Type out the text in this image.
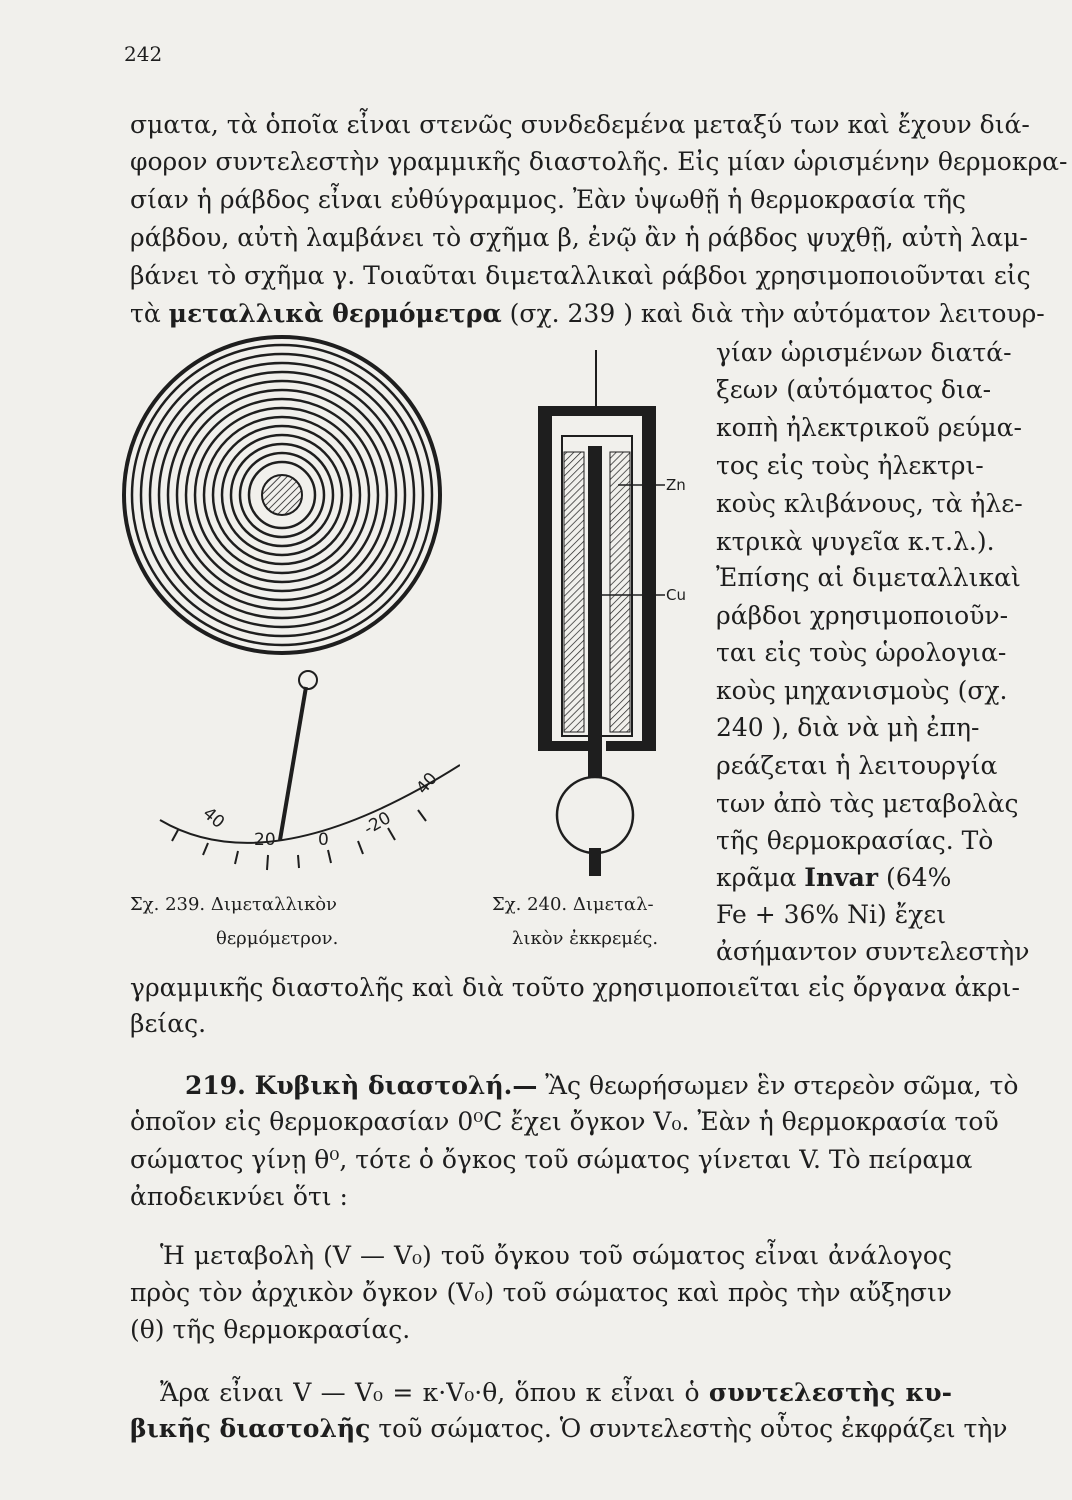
242
σματα, τὰ ὁποῖα εἶναι στενῶς συνδεδεμένα μεταξύ των καὶ ἔχουν διά-
φορον συντελεστὴν γραμμικῆς διαστολῆς. Εἰς μίαν ὡρισμένην θερμοκρα-
σίαν ἡ ράβδος εἶναι εὐθύγραμμος. Ἐὰν ὑψωθῇ ἡ θερμοκρασία τῆς
ράβδου, αὐτὴ λαμβάνει τὸ σχῆμα β, ἐνῷ ἂν ἡ ράβδος ψυχθῇ, αὐτὴ λαμ-
βάνει τὸ σχῆμα γ. Τοιαῦται διμεταλλικαὶ ράβδοι χρησιμοποιοῦνται εἰς
τὰ μεταλλικὰ θερμόμετρα (σχ. 239 ) καὶ διὰ τὴν αὐτόματον λειτουρ-
γίαν ὡρισμένων διατά-
ξεων (αὐτόματος δια-
κοπὴ ἠλεκτρικοῦ ρεύμα-
τος εἰς τοὺς ἠλεκτρι-
κοὺς κλιβάνους, τὰ ἠλε-
κτρικὰ ψυγεῖα κ.τ.λ.).
Ἐπίσης αἱ διμεταλλικαὶ
ράβδοι χρησιμοποιοῦν-
ται εἰς τοὺς ὡρολογια-
κοὺς μηχανισμοὺς (σχ.
240 ), διὰ νὰ μὴ ἐπη-
ρεάζεται ἡ λειτουργία
των ἀπὸ τὰς μεταβολὰς
τῆς θερμοκρασίας. Τὸ
κρᾶμα Invar (64%
Fe + 36% Ni) ἔχει
ἀσήμαντον συντελεστὴν
40
20 0
-20
40
Zn
Cu
Σχ. 239. Διμεταλλικὸν
θερμόμετρον.
Σχ. 240. Διμεταλ-
λικὸν ἐκκρεμές.
γραμμικῆς διαστολῆς καὶ διὰ τοῦτο χρησιμοποιεῖται εἰς ὄργανα ἀκρι-
βείας.
219. Κυβικὴ διαστολή.— Ἂς θεωρήσωμεν ἓν στερεὸν σῶμα, τὸ
ὁποῖον εἰς θερμοκρασίαν 0⁰C ἔχει ὄγκον V₀. Ἐὰν ἡ θερμοκρασία τοῦ
σώματος γίνῃ θ⁰, τότε ὁ ὄγκος τοῦ σώματος γίνεται V. Τὸ πείραμα
ἀποδεικνύει ὅτι :
Ἡ μεταβολὴ (V — V₀) τοῦ ὄγκου τοῦ σώματος εἶναι ἀνάλογος
πρὸς τὸν ἀρχικὸν ὄγκον (V₀) τοῦ σώματος καὶ πρὸς τὴν αὔξησιν
(θ) τῆς θερμοκρασίας.
Ἄρα εἶναι V — V₀ = κ·V₀·θ, ὅπου κ εἶναι ὁ συντελεστὴς κυ-
βικῆς διαστολῆς τοῦ σώματος. Ὁ συντελεστὴς οὗτος ἐκφράζει τὴν
